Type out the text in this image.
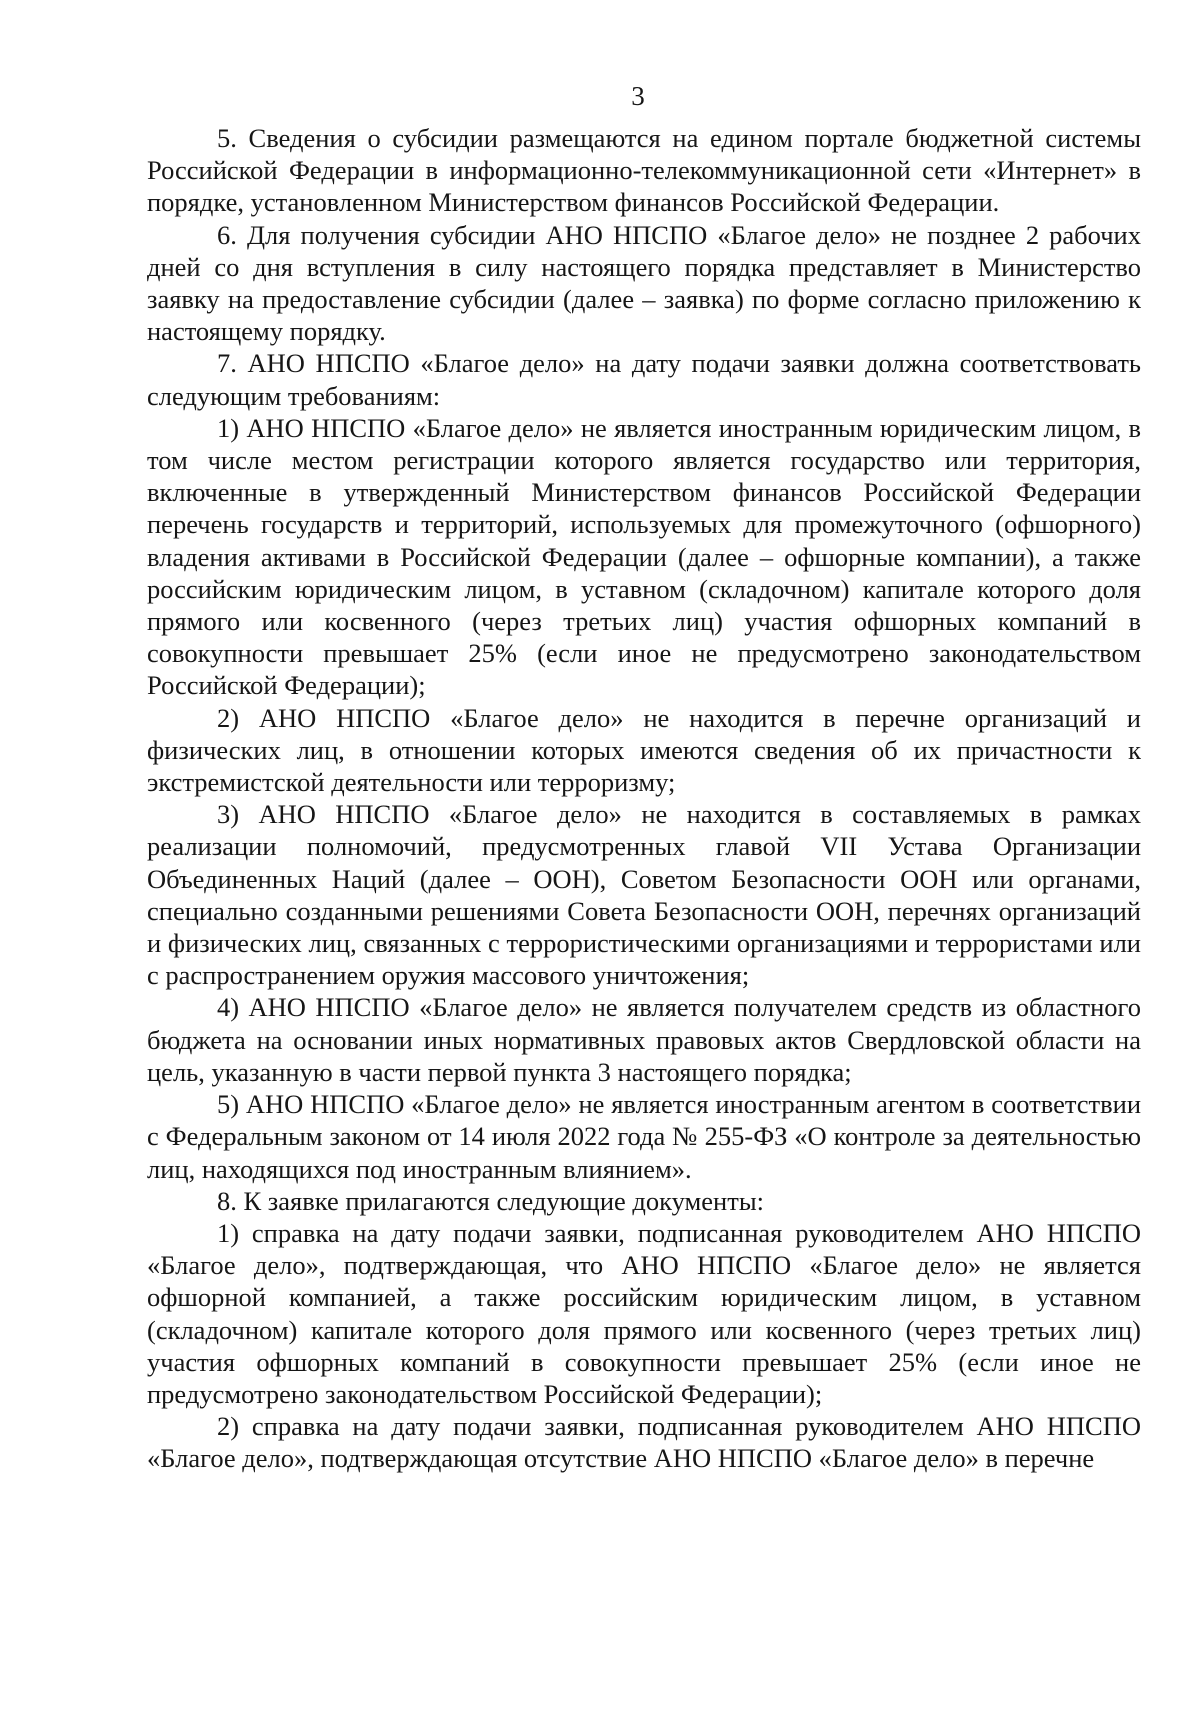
3

5. Сведения о субсидии размещаются на едином портале бюджетной системы Российской Федерации в информационно-телекоммуникационной сети «Интернет» в порядке, установленном Министерством финансов Российской Федерации.

6. Для получения субсидии АНО НПСПО «Благое дело» не позднее 2 рабочих дней со дня вступления в силу настоящего порядка представляет в Министерство заявку на предоставление субсидии (далее – заявка) по форме согласно приложению к настоящему порядку.

7. АНО НПСПО «Благое дело» на дату подачи заявки должна соответствовать следующим требованиям:

1) АНО НПСПО «Благое дело» не является иностранным юридическим лицом, в том числе местом регистрации которого является государство или территория, включенные в утвержденный Министерством финансов Российской Федерации перечень государств и территорий, используемых для промежуточного (офшорного) владения активами в Российской Федерации (далее – офшорные компании), а также российским юридическим лицом, в уставном (складочном) капитале которого доля прямого или косвенного (через третьих лиц) участия офшорных компаний в совокупности превышает 25% (если иное не предусмотрено законодательством Российской Федерации);

2) АНО НПСПО «Благое дело» не находится в перечне организаций и физических лиц, в отношении которых имеются сведения об их причастности к экстремистской деятельности или терроризму;

3) АНО НПСПО «Благое дело» не находится в составляемых в рамках реализации полномочий, предусмотренных главой VII Устава Организации Объединенных Наций (далее – ООН), Советом Безопасности ООН или органами, специально созданными решениями Совета Безопасности ООН, перечнях организаций и физических лиц, связанных с террористическими организациями и террористами или с распространением оружия массового уничтожения;

4) АНО НПСПО «Благое дело» не является получателем средств из областного бюджета на основании иных нормативных правовых актов Свердловской области на цель, указанную в части первой пункта 3 настоящего порядка;

5) АНО НПСПО «Благое дело» не является иностранным агентом в соответствии с Федеральным законом от 14 июля 2022 года № 255-ФЗ «О контроле за деятельностью лиц, находящихся под иностранным влиянием».

8. К заявке прилагаются следующие документы:

1) справка на дату подачи заявки, подписанная руководителем АНО НПСПО «Благое дело», подтверждающая, что АНО НПСПО «Благое дело» не является офшорной компанией, а также российским юридическим лицом, в уставном (складочном) капитале которого доля прямого или косвенного (через третьих лиц) участия офшорных компаний в совокупности превышает 25% (если иное не предусмотрено законодательством Российской Федерации);

2) справка на дату подачи заявки, подписанная руководителем АНО НПСПО «Благое дело», подтверждающая отсутствие АНО НПСПО «Благое дело» в перечне
